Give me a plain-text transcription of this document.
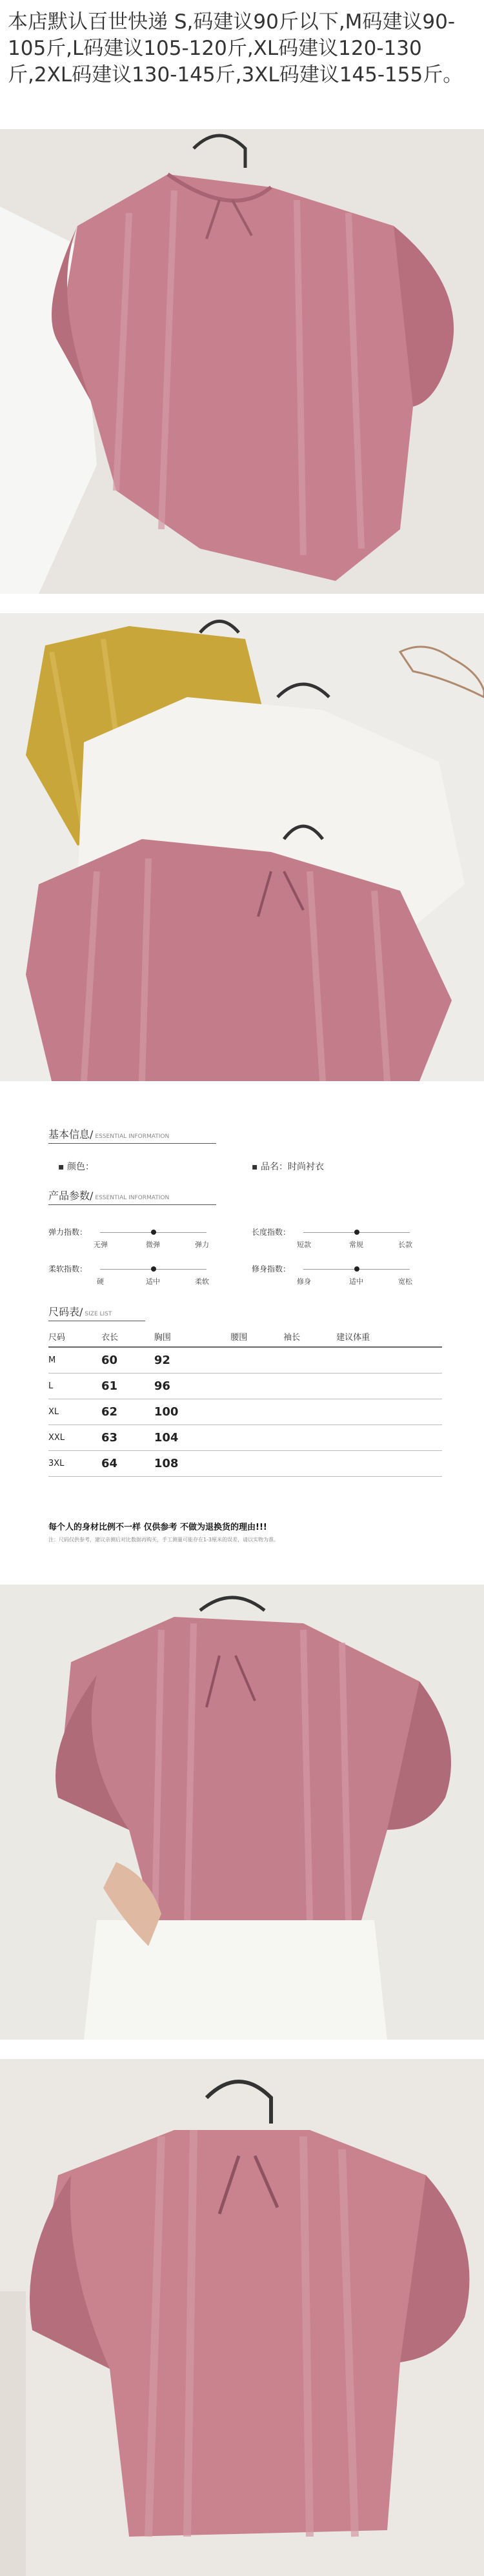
本店默认百世快递 S,码建议90斤以下,M码建议90-105斤,L码建议105-120斤,XL码建议120-130斤,2XL码建议130-145斤,3XL码建议145-155斤。
基本信息/ ESSENTIAL INFORMATION
▪ 颜色：	▪ 品名：时尚衬衣
产品参数/ ESSENTIAL INFORMATION
弹力指数：
无弹	微弹	弹力
长度指数：
短款	常规	长款
柔软指数：
硬	适中	柔软
修身指数：
修身	适中	宽松
尺码表/ SIZE LIST
尺码	衣长	胸围	腰围	袖长	建议体重
M	60	92			
L	61	96			
XL	62	100			
XXL	63	104			
3XL	64	108			
每个人的身材比例不一样 仅供参考 不做为退换货的理由!!!
注：尺码仅供参考，建议亲测后对比数据再购买，手工测量可能存在1-3厘米的误差，请以实物为准。
